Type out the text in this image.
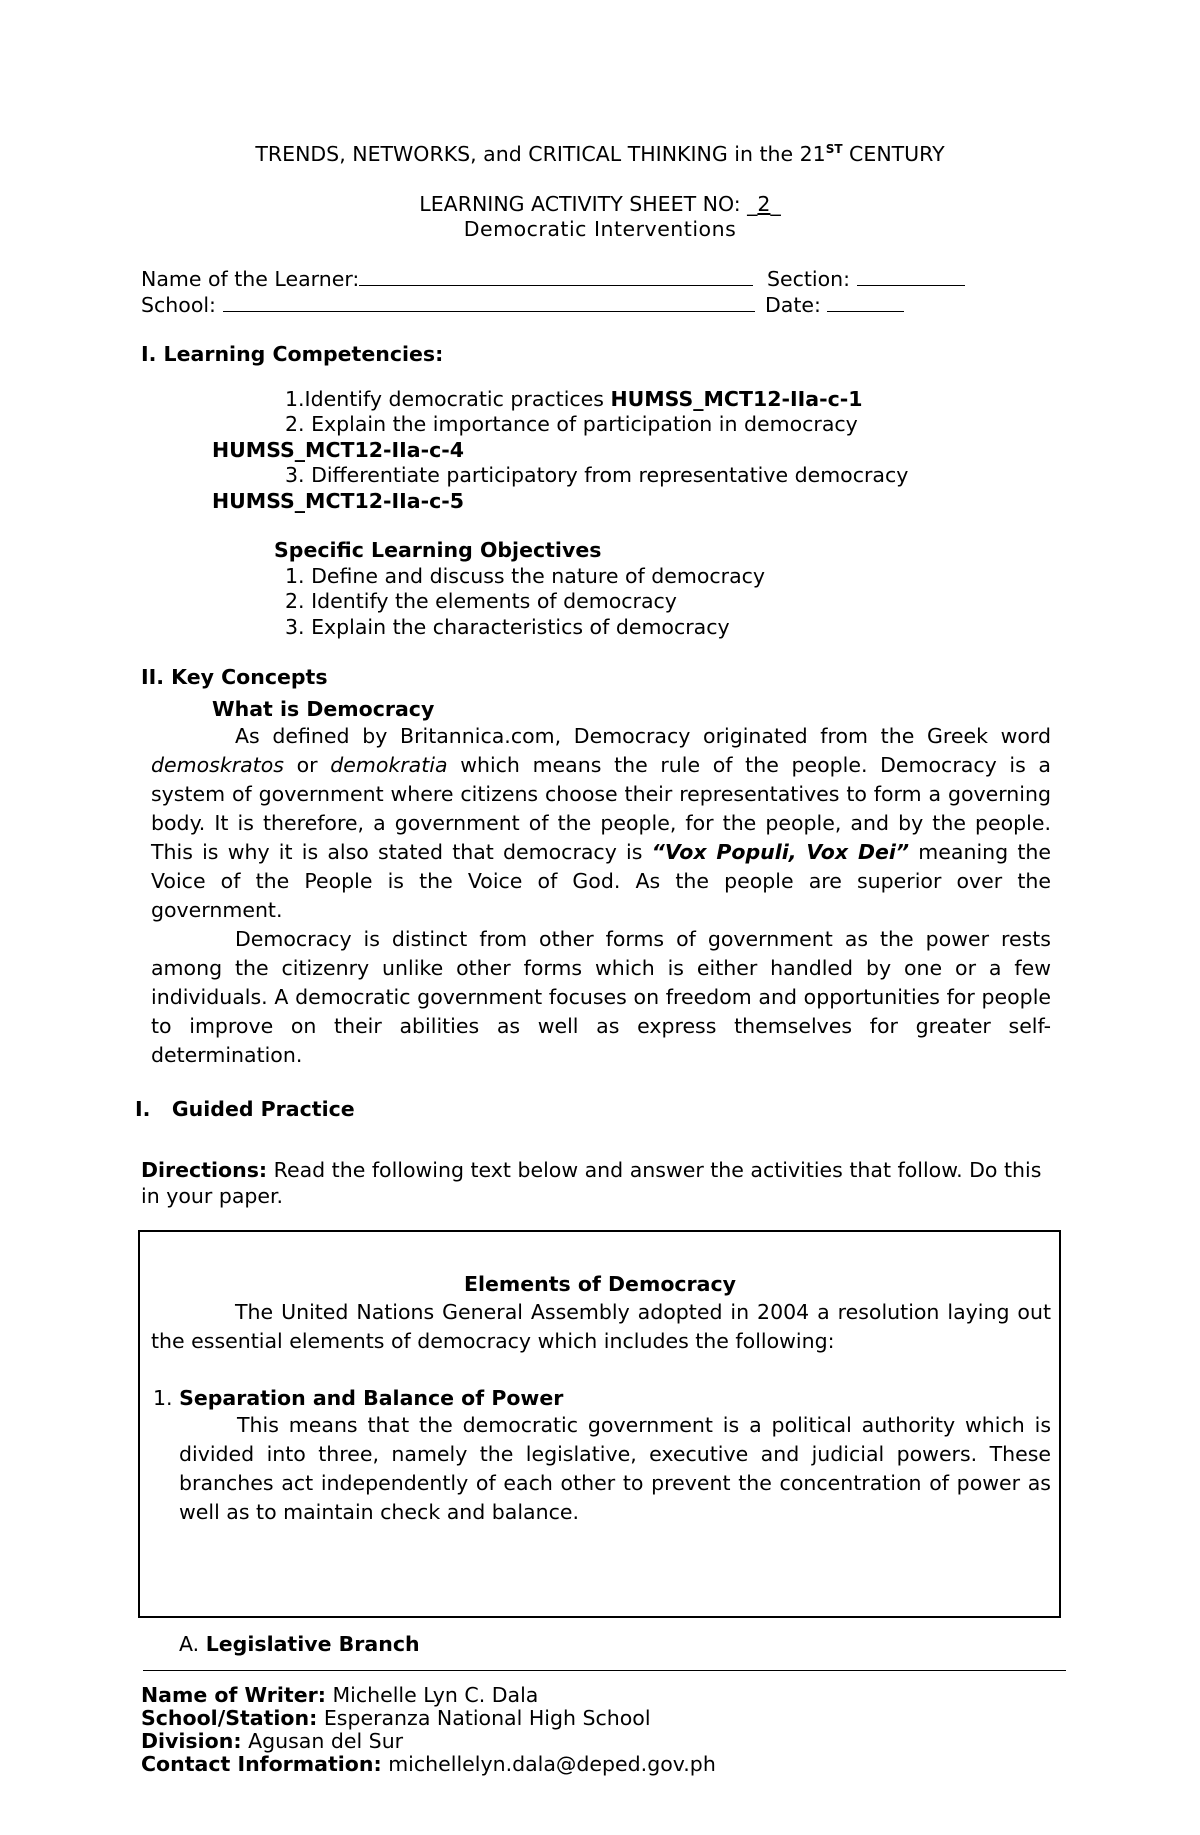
TRENDS, NETWORKS, and CRITICAL THINKING in the 21ST CENTURY
LEARNING ACTIVITY SHEET NO: _2_
Democratic Interventions
Name of the Learner:	Section:
School:	Date:
I. Learning Competencies:
1.Identify democratic practices HUMSS_MCT12-IIa-c-1
2. Explain the importance of participation in democracy
HUMSS_MCT12-IIa-c-4
3. Differentiate participatory from representative democracy
HUMSS_MCT12-IIa-c-5
Specific Learning Objectives
1. Define and discuss the nature of democracy
2. Identify the elements of democracy
3. Explain the characteristics of democracy
II. Key Concepts
What is Democracy
As defined by Britannica.com, Democracy originated from the Greek word demoskratos or demokratia which means the rule of the people. Democracy is a system of government where citizens choose their representatives to form a governing body. It is therefore, a government of the people, for the people, and by the people. This is why it is also stated that democracy is “Vox Populi, Vox Dei” meaning the Voice of the People is the Voice of God. As the people are superior over the government.
Democracy is distinct from other forms of government as the power rests among the citizenry unlike other forms which is either handled by one or a few individuals. A democratic government focuses on freedom and opportunities for people to improve on their abilities as well as express themselves for greater self- determination.
I.   Guided Practice
Directions: Read the following text below and answer the activities that follow. Do this in your paper.
Elements of Democracy
The United Nations General Assembly adopted in 2004 a resolution laying out the essential elements of democracy which includes the following:
1. Separation and Balance of Power
This means that the democratic government is a political authority which is divided into three, namely the legislative, executive and judicial powers. These branches act independently of each other to prevent the concentration of power as well as to maintain check and balance.
A. Legislative Branch
Name of Writer: Michelle Lyn C. Dala
School/Station: Esperanza National High School
Division: Agusan del Sur
Contact Information: michellelyn.dala@deped.gov.ph
